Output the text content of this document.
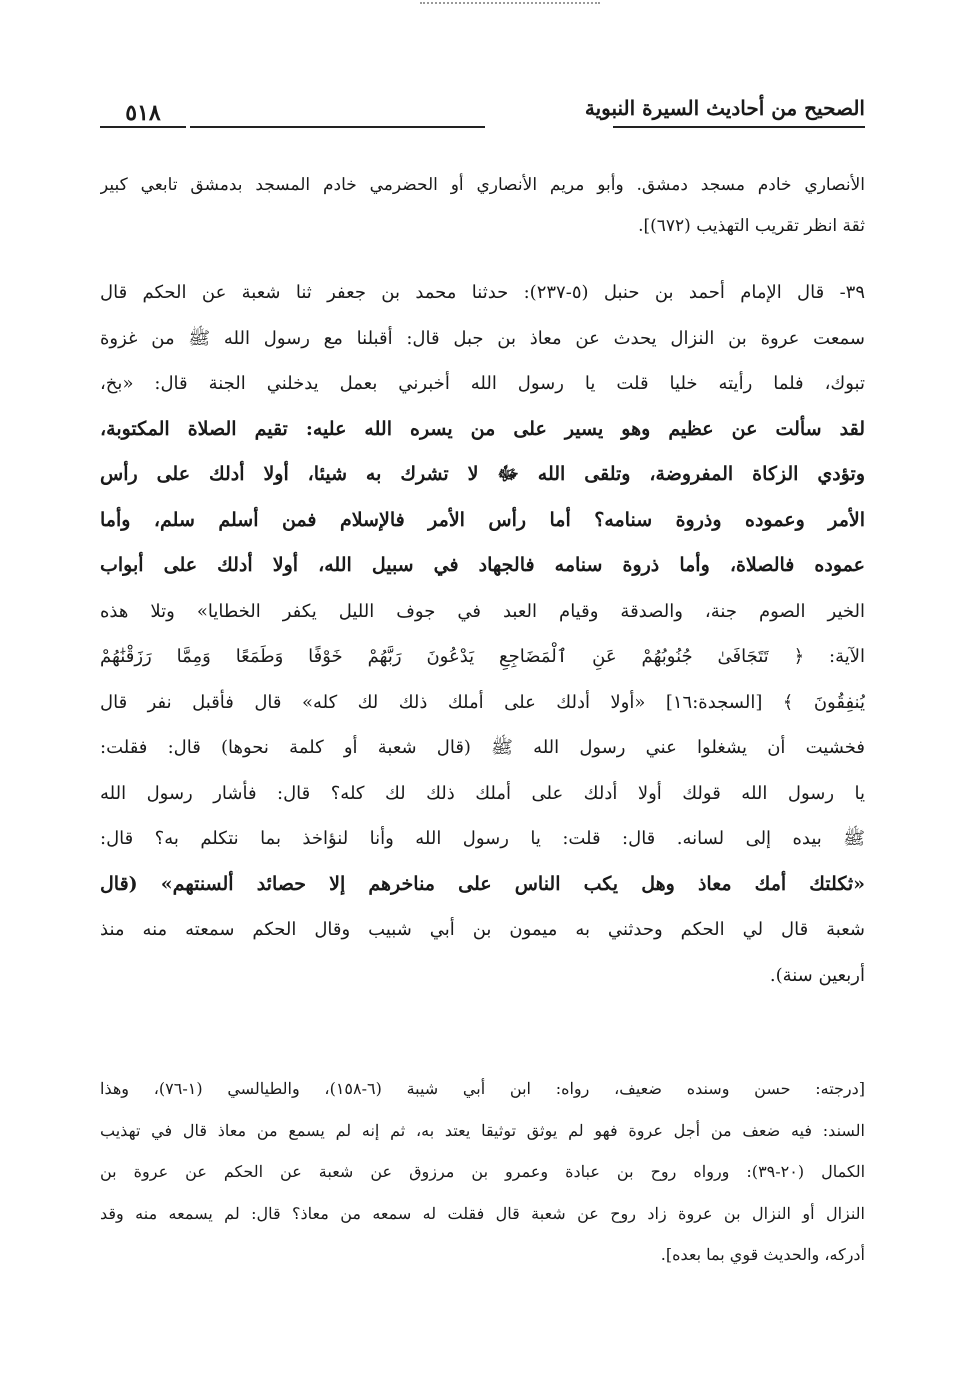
الصحيح من أحاديث السيرة النبوية
٥١٨
الأنصاري خادم مسجد دمشق. وأبو مريم الأنصاري أو الحضرمي خادم المسجد بدمشق تابعي كبير
ثقة انظر تقريب التهذيب (٦٧٢)].
٣٩- قال الإمام أحمد بن حنبل (٥-٢٣٧): حدثنا محمد بن جعفر ثنا شعبة عن الحكم قال
سمعت عروة بن النزال يحدث عن معاذ بن جبل قال: أقبلنا مع رسول الله ﷺ من غزوة
تبوك، فلما رأيته خليا قلت يا رسول الله أخبرني بعمل يدخلني الجنة قال: «بخ،
لقد سألت عن عظيم وهو يسير على من يسره الله عليه: تقيم الصلاة المكتوبة،
وتؤدي الزكاة المفروضة، وتلقى الله ﷻ لا تشرك به شيئا، أولا أدلك على رأس
الأمر وعموده وذروة سنامه؟ أما رأس الأمر فالإسلام فمن أسلم سلم، وأما
عموده فالصلاة، وأما ذروة سنامه فالجهاد في سبيل الله، أولا أدلك على أبواب
الخير الصوم جنة، والصدقة وقيام العبد في جوف الليل يكفر الخطايا» وتلا هذه
الآية: ﴿ تَتَجَافَىٰ جُنُوبُهُمْ عَنِ ٱلْمَضَاجِعِ يَدْعُونَ رَبَّهُمْ خَوْفًا وَطَمَعًا وَمِمَّا رَزَقْنَٰهُمْ
يُنفِقُونَ ﴾ [السجدة:١٦] «أولا أدلك على أملك ذلك لك كله» قال فأقبل نفر قال
فخشيت أن يشغلوا عني رسول الله ﷺ (قال شعبة أو كلمة نحوها) قال: فقلت:
يا رسول الله قولك أولا أدلك على أملك ذلك لك كله؟ قال: فأشار رسول الله
ﷺ بيده إلى لسانه. قال: قلت: يا رسول الله وأنا لنؤاخذ بما نتكلم به؟ قال:
«ثكلتك أمك معاذ وهل يكب الناس على مناخرهم إلا حصائد ألسنتهم» (قال
شعبة قال لي الحكم وحدثني به ميمون بن أبي شبيب وقال الحكم سمعته منه منذ
أربعين سنة).
[درجته: حسن وسنده ضعيف، رواه: ابن أبي شيبة (٦-١٥٨)، والطيالسي (١-٧٦)، وهذا
السند: فيه ضعف من أجل عروة فهو لم يوثق توثيقا يعتد به، ثم إنه لم يسمع من معاذ قال في تهذيب
الكمال (٢٠-٣٩): ورواه روح بن عبادة وعمرو بن مرزوق عن شعبة عن الحكم عن عروة بن
النزال أو النزال بن عروة زاد روح عن شعبة قال فقلت له سمعه من معاذ؟ قال: لم يسمعه منه وقد
أدركه، والحديث قوي بما بعده].
